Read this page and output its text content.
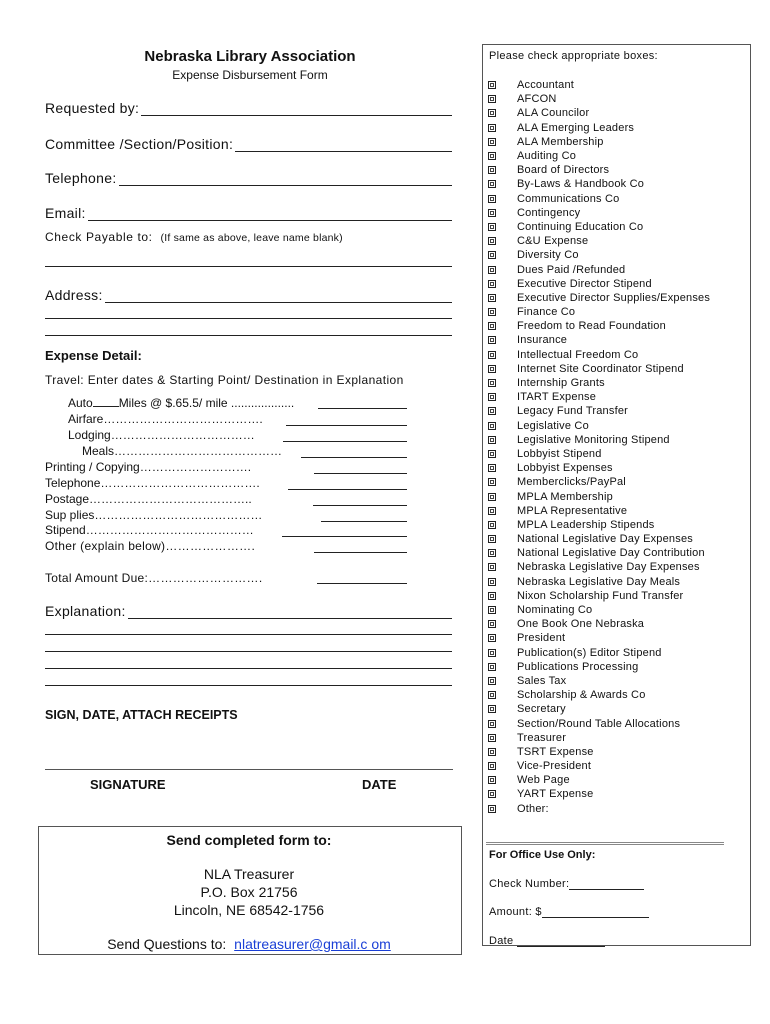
Nebraska Library Association
Expense Disbursement Form
Requested by:
Committee /Section/Position:
Telephone:
Email:
Check Payable to: (If same as above, leave name blank)
Address:
Expense Detail:
Travel: Enter dates & Starting Point/ Destination in Explanation
Auto Miles @ $.65.5/ mile ...................
Airfare………………………………….
Lodging………………………………
Meals……………………………………
Printing / Copying……………………….
Telephone………………………………….
Postage…………………………………..
Sup plies……………………………………
Stipend……………………………………
Other (explain below)………………….
Total Amount Due:……………………….
Explanation:
SIGN, DATE, ATTACH RECEIPTS
SIGNATURE	DATE
Send completed form to:
NLA Treasurer
P.O. Box 21756
Lincoln, NE 68542-1756
Send Questions to: nlatreasurer@gmail.c om
Please check appropriate boxes:
Accountant
AFCON
ALA Councilor
ALA Emerging Leaders
ALA Membership
Auditing Co
Board of Directors
By-Laws & Handbook Co
Communications Co
Contingency
Continuing Education Co
C&U Expense
Diversity Co
Dues Paid /Refunded
Executive Director Stipend
Executive Director Supplies/Expenses
Finance Co
Freedom to Read Foundation
Insurance
Intellectual Freedom Co
Internet Site Coordinator Stipend
Internship Grants
ITART Expense
Legacy Fund Transfer
Legislative Co
Legislative Monitoring Stipend
Lobbyist Stipend
Lobbyist Expenses
Memberclicks/PayPal
MPLA Membership
MPLA Representative
MPLA Leadership Stipends
National Legislative Day Expenses
National Legislative Day Contribution
Nebraska Legislative Day Expenses
Nebraska Legislative Day Meals
Nixon Scholarship Fund Transfer
Nominating Co
One Book One Nebraska
President
Publication(s) Editor Stipend
Publications Processing
Sales Tax
Scholarship & Awards Co
Secretary
Section/Round Table Allocations
Treasurer
TSRT Expense
Vice-President
Web Page
YART Expense
Other:
For Office Use Only:
Check Number:
Amount: $
Date
